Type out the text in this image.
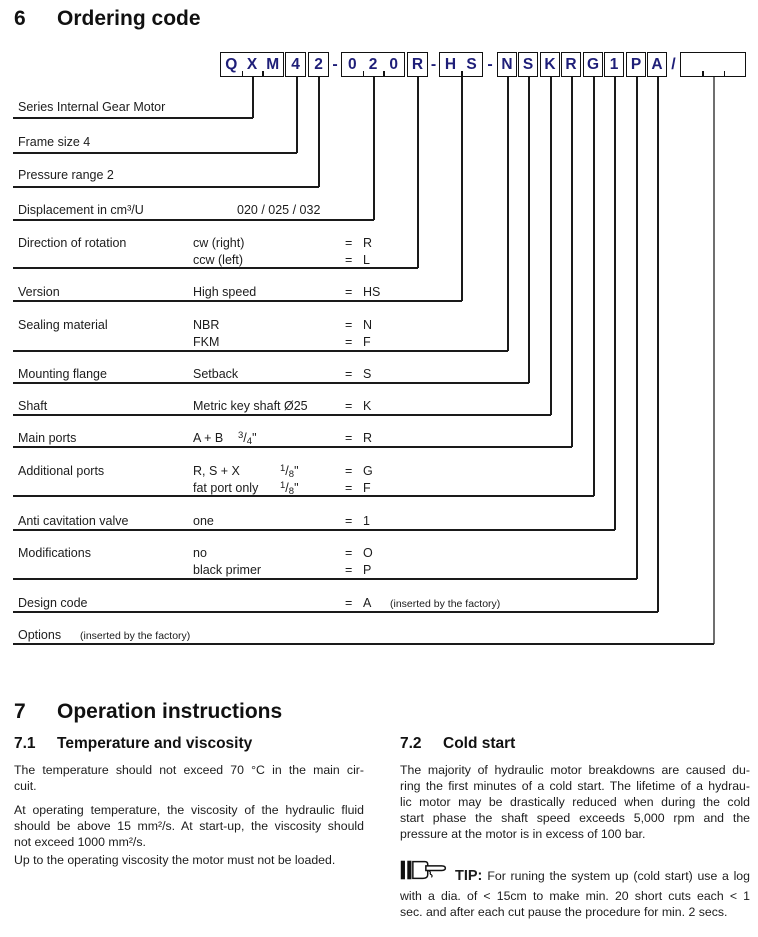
6 Ordering code
Q X M 4 2 - 0 2 0 R - H S - N S K R G 1 P A /
Series Internal Gear Motor
Frame size 4
Pressure range 2
Displacement in cm³/U	020 / 025 / 032
Direction of rotation	cw (right)	= R
ccw (left)	= L
Version	High speed	= HS
Sealing material	NBR	= N
FKM	= F
Mounting flange	Setback	= S
Shaft	Metric key shaft Ø25	= K
Main ports	A + B $^3$/4"	= R
Additional ports	R, S + X	$^1$/8"	= G
fat port only $^1$/8"	= F
Anti cavitation valve	one	= 1
Modifications	no	= O
black primer	= P
Design code	= A (inserted by the factory)
Options (inserted by the factory)
7 Operation instructions
7.1 Temperature and viscosity	7.2 Cold start
The temperature should not exceed 70 °C in the main cir-
cuit.
At operating temperature, the viscosity of the hydraulic fluid
should be above 15 mm²/s. At start-up, the viscosity should
not exceed 1000 mm²/s.
Up to the operating viscosity the motor must not be loaded.
The majority of hydraulic motor breakdowns are caused du-
ring the first minutes of a cold start. The lifetime of a hydrau-
lic motor may be drastically reduced when during the cold
start phase the shaft speed exceeds 5,000 rpm and the
pressure at the motor is in excess of 100 bar.
TIP: For runing the system up (cold start) use a log
with a dia. of < 15cm to make min. 20 short cuts each < 1
sec. and after each cut pause the procedure for min. 2 secs.
